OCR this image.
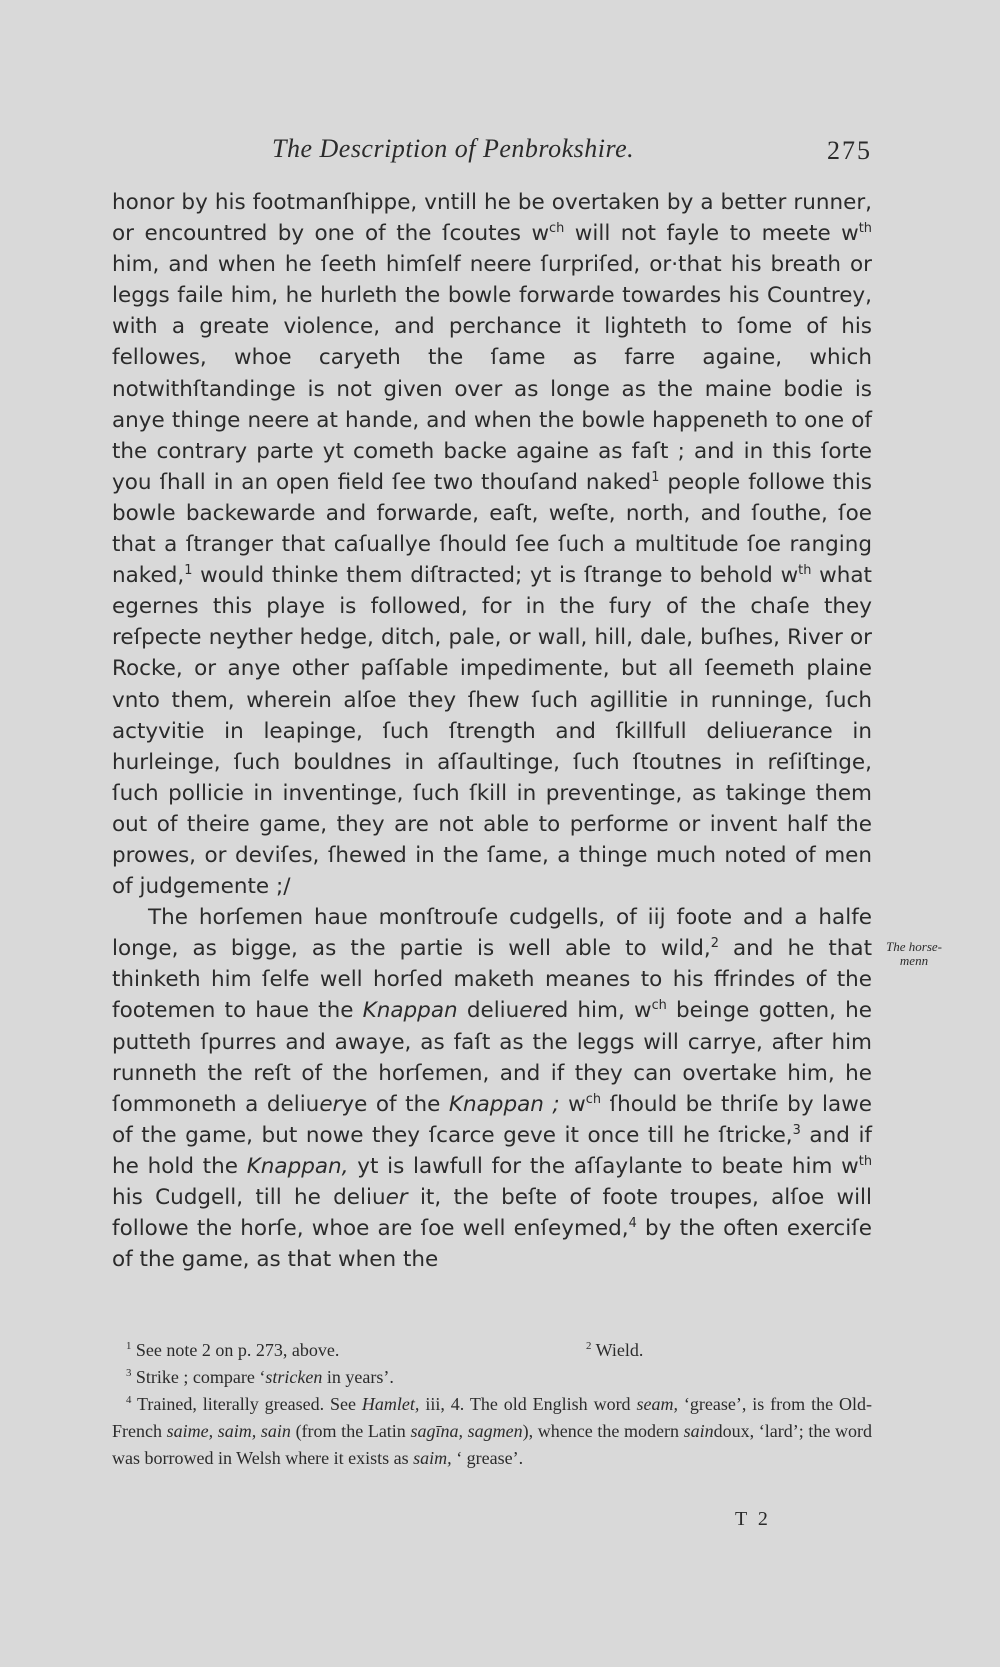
The Description of Penbrokshire.	275

honor by his footmanſhippe, vntill he be overtaken by a better runner, or encountred by one of the ſcoutes $w^{ch}$ will not fayle to meete $w^{th}$ him, and when he ſeeth himſelf neere ſurpriſed, or·that his breath or leggs faile him, he hurleth the bowle forwarde towardes his Countrey, with a greate violence, and perchance it lighteth to ſome of his fellowes, whoe caryeth the ſame as farre againe, which notwithſtandinge is not given over as longe as the maine bodie is anye thinge neere at hande, and when the bowle happeneth to one of the contrary parte yt cometh backe againe as faſt ; and in this ſorte you ſhall in an open field ſee two thouſand naked$^1$ people followe this bowle backewarde and forwarde, eaſt, weſte, north, and ſouthe, ſoe that a ſtranger that caſuallye ſhould ſee ſuch a multitude ſoe ranging naked,$^1$ would thinke them diſtracted; yt is ſtrange to behold $w^{th}$ what egernes this playe is followed, for in the fury of the chaſe they reſpecte neyther hedge, ditch, pale, or wall, hill, dale, buſhes, River or Rocke, or anye other paſſable impedimente, but all ſeemeth plaine vnto them, wherein alſoe they ſhew ſuch agillitie in runninge, ſuch actyvitie in leapinge, ſuch ſtrength and ſkillfull deliuerance in hurleinge, ſuch bouldnes in aſſaultinge, ſuch ſtoutnes in reſiſtinge, ſuch pollicie in inventinge, ſuch ſkill in preventinge, as takinge them out of theire game, they are not able to performe or invent half the prowes, or deviſes, ſhewed in the ſame, a thinge much noted of men of judgemente ;/

The horſemen haue monſtrouſe cudgells, of iij foote and a halfe longe, as bigge, as the partie is well able to wild,$^2$ and he that thinketh him ſelfe well horſed maketh meanes to his ffrindes of the footemen to haue the Knappan deliuered him, $w^{ch}$ beinge gotten, he putteth ſpurres and awaye, as faſt as the leggs will carrye, after him runneth the reſt of the horſemen, and if they can overtake him, he ſommoneth a deliuerye of the Knappan ; $w^{ch}$ ſhould be thriſe by lawe of the game, but nowe they ſcarce geve it once till he ſtricke,$^3$ and if he hold the Knappan, yt is lawfull for the aſſaylante to beate him $w^{th}$ his Cudgell, till he deliuer it, the beſte of foote troupes, alſoe will followe the horſe, whoe are ſoe well enſeymed,$^4$ by the often exerciſe of the game, as that when the

The horse-
menn
$^1$ See note 2 on p. 273, above.	$^2$ Wield.

$^3$ Strike ; compare ‘stricken in years’.

$^4$ Trained, literally greased. See Hamlet, iii, 4. The old English word seam, ‘grease’, is from the Old-French saime, saim, sain (from the Latin sagīna, sagmen), whence the modern saindoux, ‘lard’; the word was borrowed in Welsh where it exists as saim, ‘ grease’.

T 2
